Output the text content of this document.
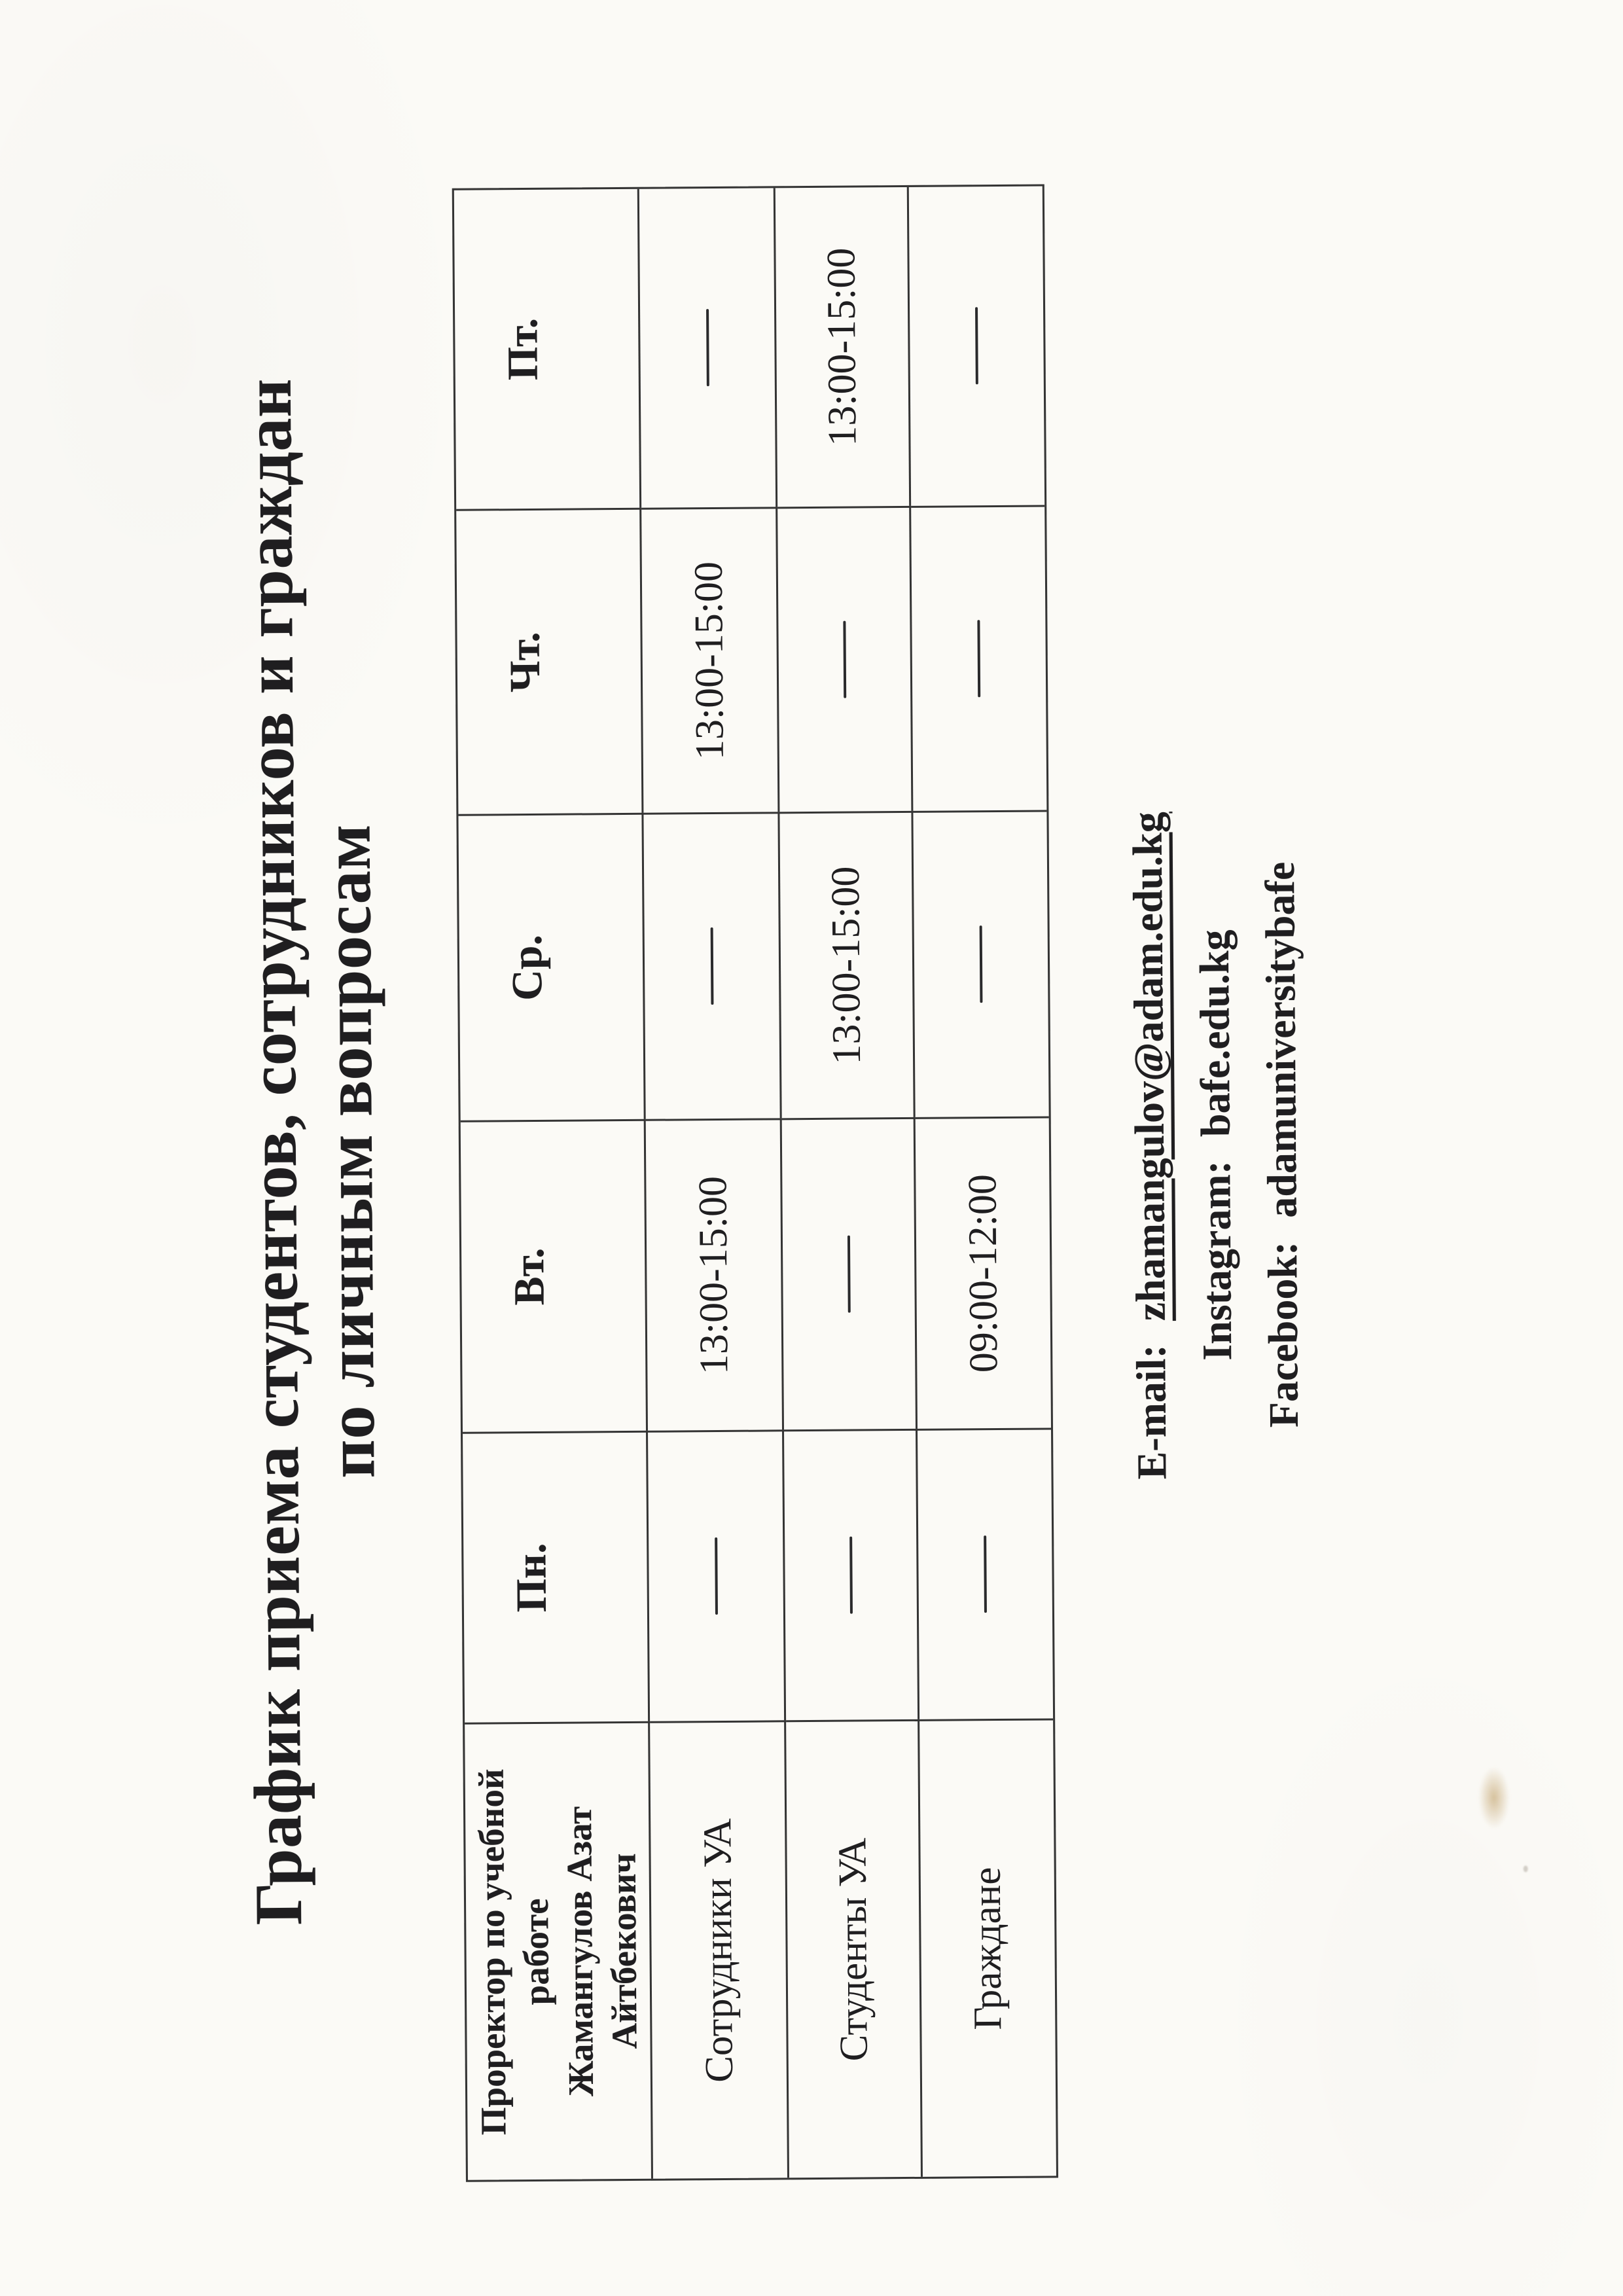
График приема студентов, сотрудников и граждан
по личным вопросам
Проректор по учебной работе Жамангулов Азат Айтбекович
Пн.
Вт.
Ср.
Чт.
Пт.
Сотрудники УА
13:00-15:00
13:00-15:00
Студенты УА
13:00-15:00
13:00-15:00
Граждане
09:00-12:00
E-mail: zhamangulov@adam.edu.kg Instagram: bafe.edu.kg
Facebook: adamuniversitybafe
